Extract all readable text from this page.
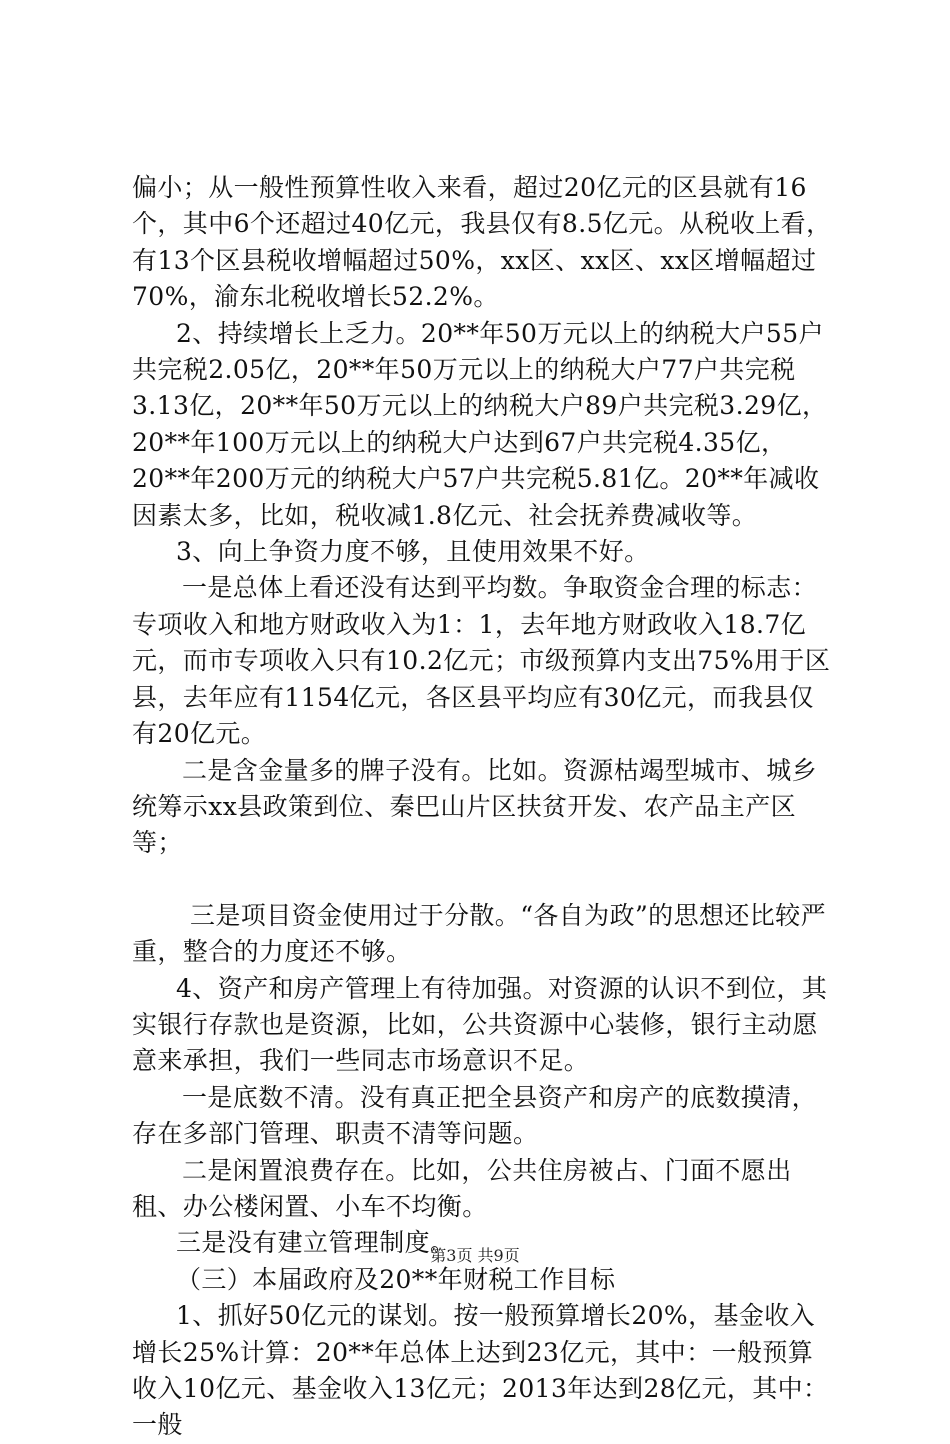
偏小；从一般性预算性收入来看，超过20亿元的区县就有16个，其中6个还超过40亿元，我县仅有8.5亿元。从税收上看，有13个区县税收增幅超过50%，xx区、xx区、xx区增幅超过70%，渝东北税收增长52.2%。

2、持续增长上乏力。20**年50万元以上的纳税大户55户共完税2.05亿，20**年50万元以上的纳税大户77户共完税3.13亿，20**年50万元以上的纳税大户89户共完税3.29亿，20**年100万元以上的纳税大户达到67户共完税4.35亿，20**年200万元的纳税大户57户共完税5.81亿。20**年减收因素太多，比如，税收减1.8亿元、社会抚养费减收等。

3、向上争资力度不够，且使用效果不好。

一是总体上看还没有达到平均数。争取资金合理的标志：专项收入和地方财政收入为1：1，去年地方财政收入18.7亿元，而市专项收入只有10.2亿元；市级预算内支出75%用于区县，去年应有1154亿元，各区县平均应有30亿元，而我县仅有20亿元。

二是含金量多的牌子没有。比如。资源枯竭型城市、城乡统筹示xx县政策到位、秦巴山片区扶贫开发、农产品主产区等；

三是项目资金使用过于分散。“各自为政”的思想还比较严重，整合的力度还不够。

4、资产和房产管理上有待加强。对资源的认识不到位，其实银行存款也是资源，比如，公共资源中心装修，银行主动愿意来承担，我们一些同志市场意识不足。

一是底数不清。没有真正把全县资产和房产的底数摸清，存在多部门管理、职责不清等问题。

二是闲置浪费存在。比如，公共住房被占、门面不愿出租、办公楼闲置、小车不均衡。

三是没有建立管理制度。

（三）本届政府及20**年财税工作目标

1、抓好50亿元的谋划。按一般预算增长20%，基金收入增长25%计算：20**年总体上达到23亿元，其中：一般预算收入10亿元、基金收入13亿元；2013年达到28亿元，其中：一般

第3页 共9页
